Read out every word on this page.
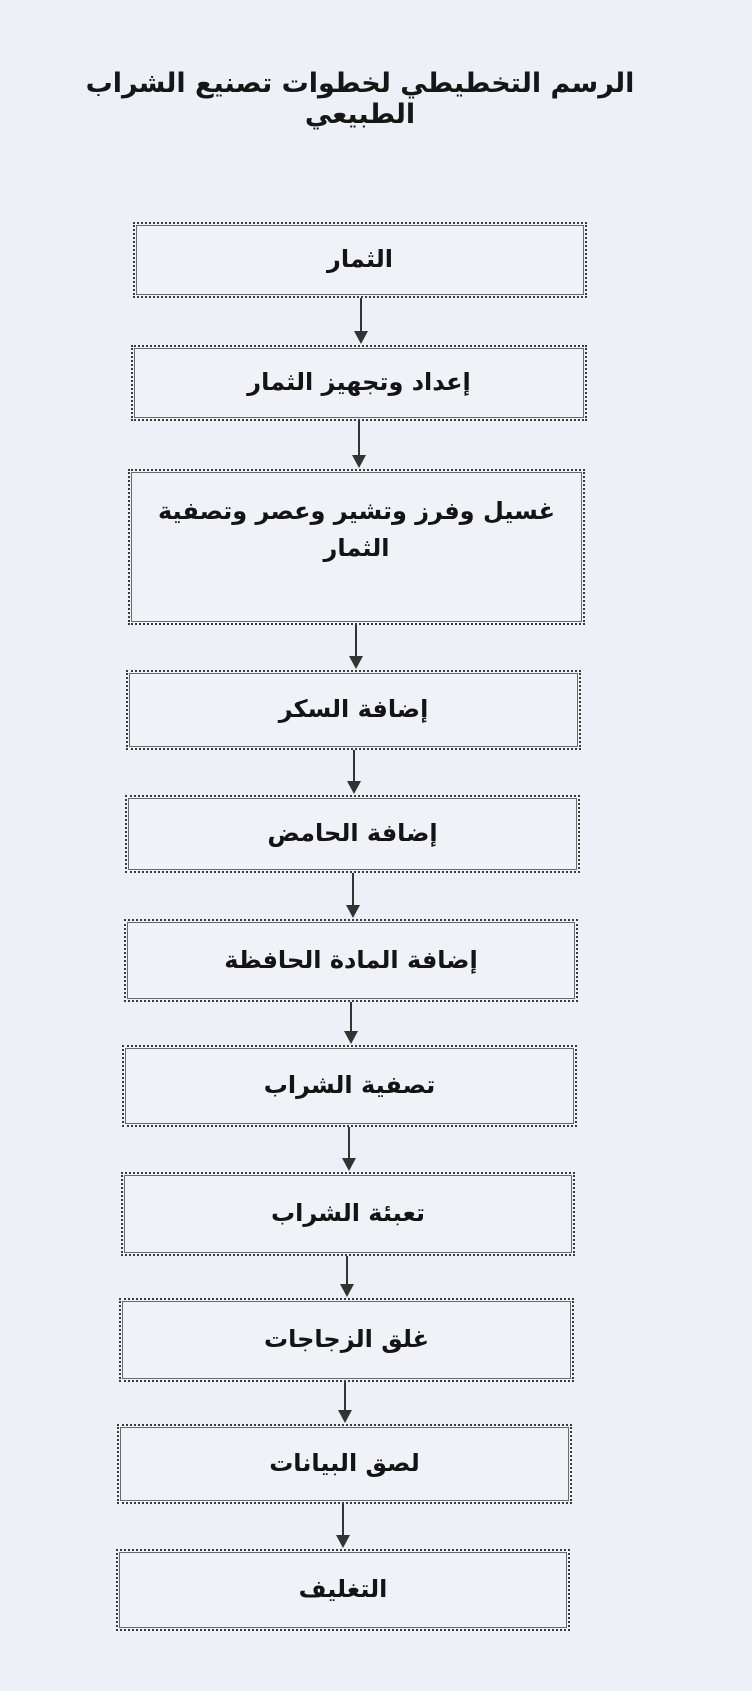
الرسم التخطيطي لخطوات تصنيع الشراب الطبيعي
الثمار
إعداد وتجهيز الثمار
غسيل وفرز وتشير وعصر وتصفية الثمار
إضافة السكر
إضافة الحامض
إضافة المادة الحافظة
تصفية الشراب
تعبئة الشراب
غلق الزجاجات
لصق البيانات
التغليف
